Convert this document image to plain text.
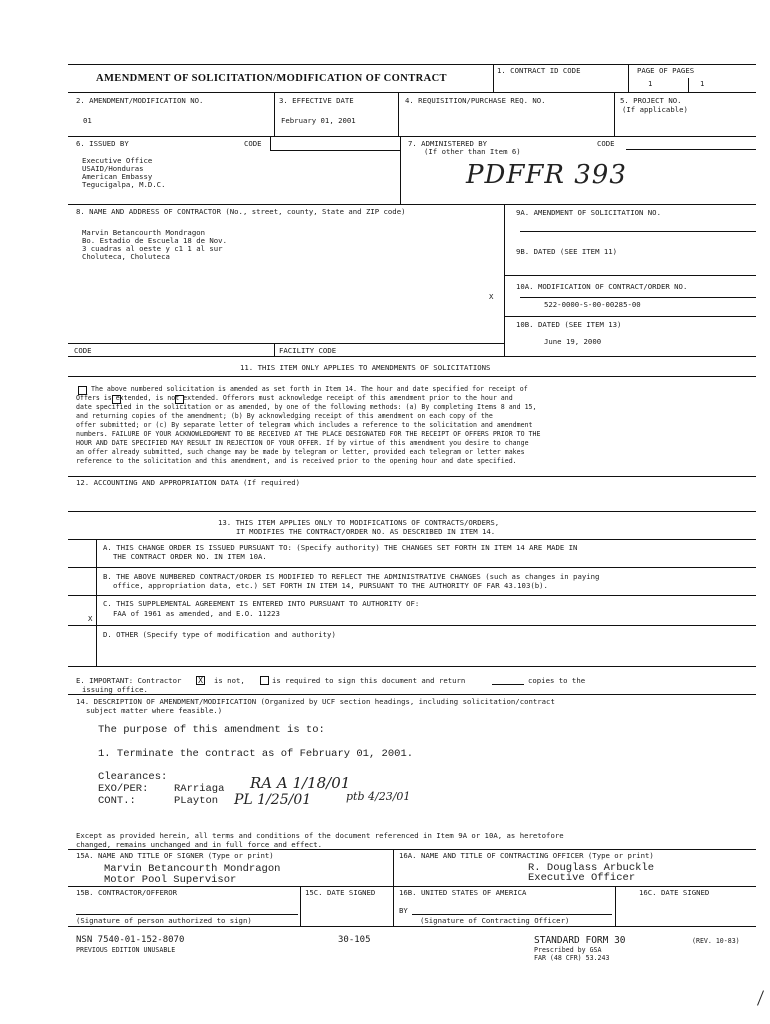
AMENDMENT OF SOLICITATION/MODIFICATION OF CONTRACT
1. CONTRACT ID CODE	PAGE OF PAGES
1	1
2. AMENDMENT/MODIFICATION NO.
01
3. EFFECTIVE DATE
February 01, 2001
4. REQUISITION/PURCHASE REQ. NO.	5. PROJECT NO.
(If applicable)
6. ISSUED BY	CODE
Executive Office
USAID/Honduras
American Embassy
Tegucigalpa, M.D.C.
7. ADMINISTERED BY
(If other than Item 6)
CODE
PDFFR 393
8. NAME AND ADDRESS OF CONTRACTOR (No., street, county, State and ZIP code)
Marvin Betancourth Mondragon
Bo. Estadio de Escuela 18 de Nov.
3 cuadras al oeste y c1 1 al sur
Choluteca, Choluteca
CODE	FACILITY CODE
9A. AMENDMENT OF SOLICITATION NO.
9B. DATED (SEE ITEM 11)
10A. MODIFICATION OF CONTRACT/ORDER NO.
X
522-0000-S-00-00285-00
10B. DATED (SEE ITEM 13)
June 19, 2000
11. THIS ITEM ONLY APPLIES TO AMENDMENTS OF SOLICITATIONS
The above numbered solicitation is amended as set forth in Item 14. The hour and date specified for receipt of
Offers is extended, is not extended. Offerors must acknowledge receipt of this amendment prior to the hour and
date specified in the solicitation or as amended, by one of the following methods: (a) By completing Items 8 and 15,
and returning copies of the amendment; (b) By acknowledging receipt of this amendment on each copy of the
offer submitted; or (c) By separate letter of telegram which includes a reference to the solicitation and amendment
numbers. FAILURE OF YOUR ACKNOWLEDGMENT TO BE RECEIVED AT THE PLACE DESIGNATED FOR THE RECEIPT OF OFFERS PRIOR TO THE
HOUR AND DATE SPECIFIED MAY RESULT IN REJECTION OF YOUR OFFER. If by virtue of this amendment you desire to change
an offer already submitted, such change may be made by telegram or letter, provided each telegram or letter makes
reference to the solicitation and this amendment, and is received prior to the opening hour and date specified.
12. ACCOUNTING AND APPROPRIATION DATA (If required)
13. THIS ITEM APPLIES ONLY TO MODIFICATIONS OF CONTRACTS/ORDERS,
IT MODIFIES THE CONTRACT/ORDER NO. AS DESCRIBED IN ITEM 14.
A. THIS CHANGE ORDER IS ISSUED PURSUANT TO: (Specify authority) THE CHANGES SET FORTH IN ITEM 14 ARE MADE IN
THE CONTRACT ORDER NO. IN ITEM 10A.
B. THE ABOVE NUMBERED CONTRACT/ORDER IS MODIFIED TO REFLECT THE ADMINISTRATIVE CHANGES (such as changes in paying
office, appropriation data, etc.) SET FORTH IN ITEM 14, PURSUANT TO THE AUTHORITY OF FAR 43.103(b).
C. THIS SUPPLEMENTAL AGREEMENT IS ENTERED INTO PURSUANT TO AUTHORITY OF:
FAA of 1961 as amended, and E.O. 11223
X
D. OTHER (Specify type of modification and authority)
E. IMPORTANT: Contractor X is not,	is required to sign this document and return	copies to the
issuing office.
14. DESCRIPTION OF AMENDMENT/MODIFICATION (Organized by UCF section headings, including solicitation/contract
subject matter where feasible.)
The purpose of this amendment is to:
1. Terminate the contract as of February 01, 2001.
Clearances:
EXO/PER: RArriaga
CONT.:	PLayton
RA A 1/18/01
PL 1/25/01	ptb 4/23/01
Except as provided herein, all terms and conditions of the document referenced in Item 9A or 10A, as heretofore
changed, remains unchanged and in full force and effect.
15A. NAME AND TITLE OF SIGNER (Type or print)
Marvin Betancourth Mondragon
Motor Pool Supervisor
16A. NAME AND TITLE OF CONTRACTING OFFICER (Type or print)
R. Douglass Arbuckle
Executive Officer
15B. CONTRACTOR/OFFEROR	15C. DATE SIGNED	16B. UNITED STATES OF AMERICA	16C. DATE SIGNED
BY
(Signature of person authorized to sign)	(Signature of Contracting Officer)
NSN 7540-01-152-8070
PREVIOUS EDITION UNUSABLE
30-105	STANDARD FORM 30	(REV. 10-83)
Prescribed by GSA
FAR (48 CFR) 53.243
